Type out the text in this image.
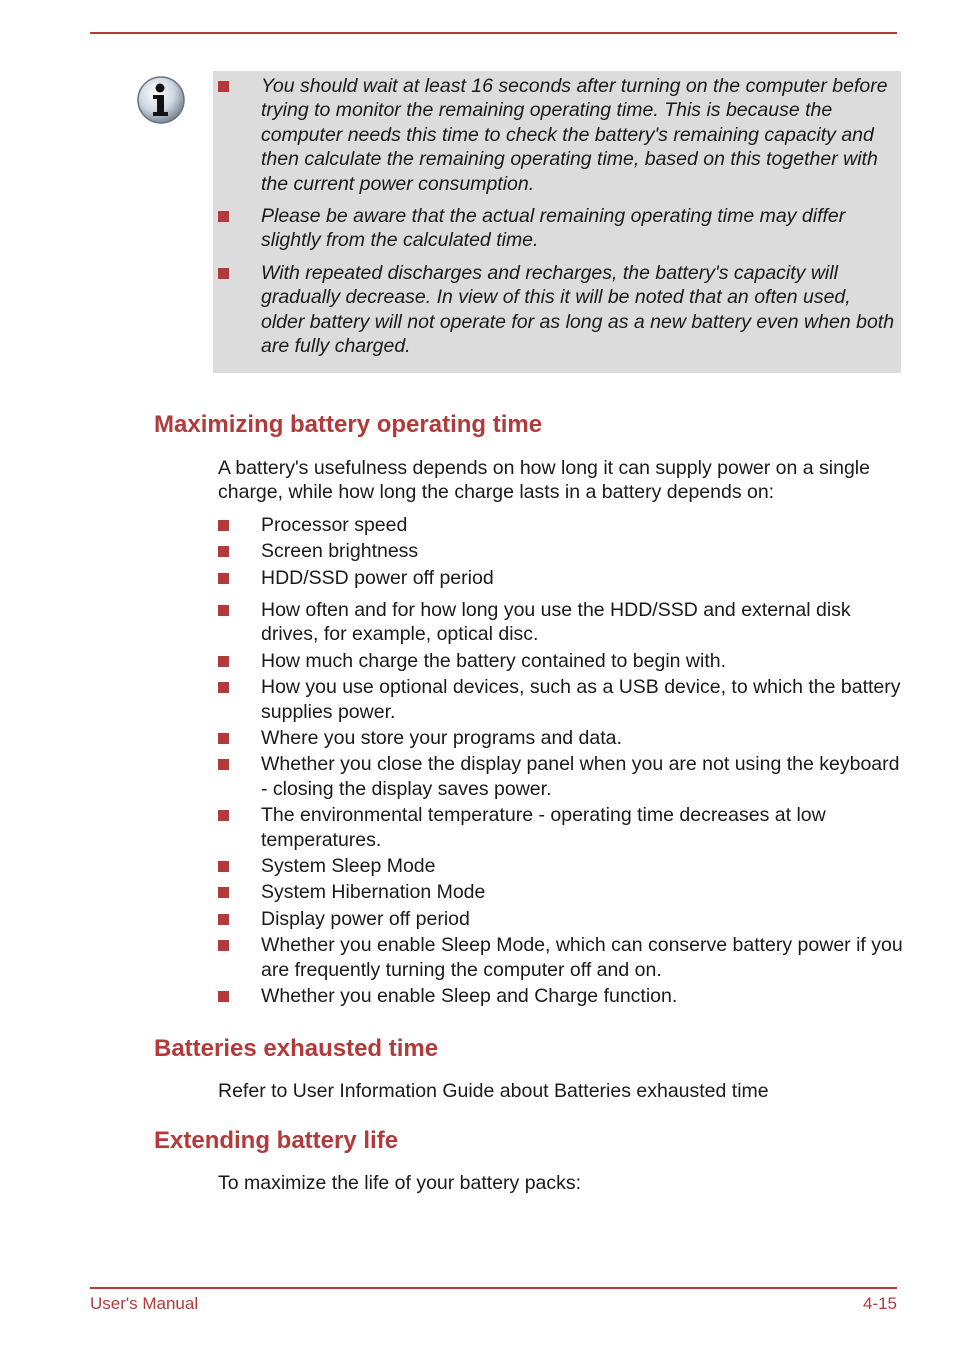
You should wait at least 16 seconds after turning on the computer before trying to monitor the remaining operating time. This is because the computer needs this time to check the battery's remaining capacity and then calculate the remaining operating time, based on this together with the current power consumption.
Please be aware that the actual remaining operating time may differ slightly from the calculated time.
With repeated discharges and recharges, the battery's capacity will gradually decrease. In view of this it will be noted that an often used, older battery will not operate for as long as a new battery even when both are fully charged.
Maximizing battery operating time

A battery's usefulness depends on how long it can supply power on a single charge, while how long the charge lasts in a battery depends on:

Processor speed
Screen brightness
HDD/SSD power off period
How often and for how long you use the HDD/SSD and external disk drives, for example, optical disc.
How much charge the battery contained to begin with.
How you use optional devices, such as a USB device, to which the battery supplies power.
Where you store your programs and data.
Whether you close the display panel when you are not using the keyboard - closing the display saves power.
The environmental temperature - operating time decreases at low temperatures.
System Sleep Mode
System Hibernation Mode
Display power off period
Whether you enable Sleep Mode, which can conserve battery power if you are frequently turning the computer off and on.
Whether you enable Sleep and Charge function.
Batteries exhausted time

Refer to User Information Guide about Batteries exhausted time

Extending battery life

To maximize the life of your battery packs:

User's Manual	4-15
